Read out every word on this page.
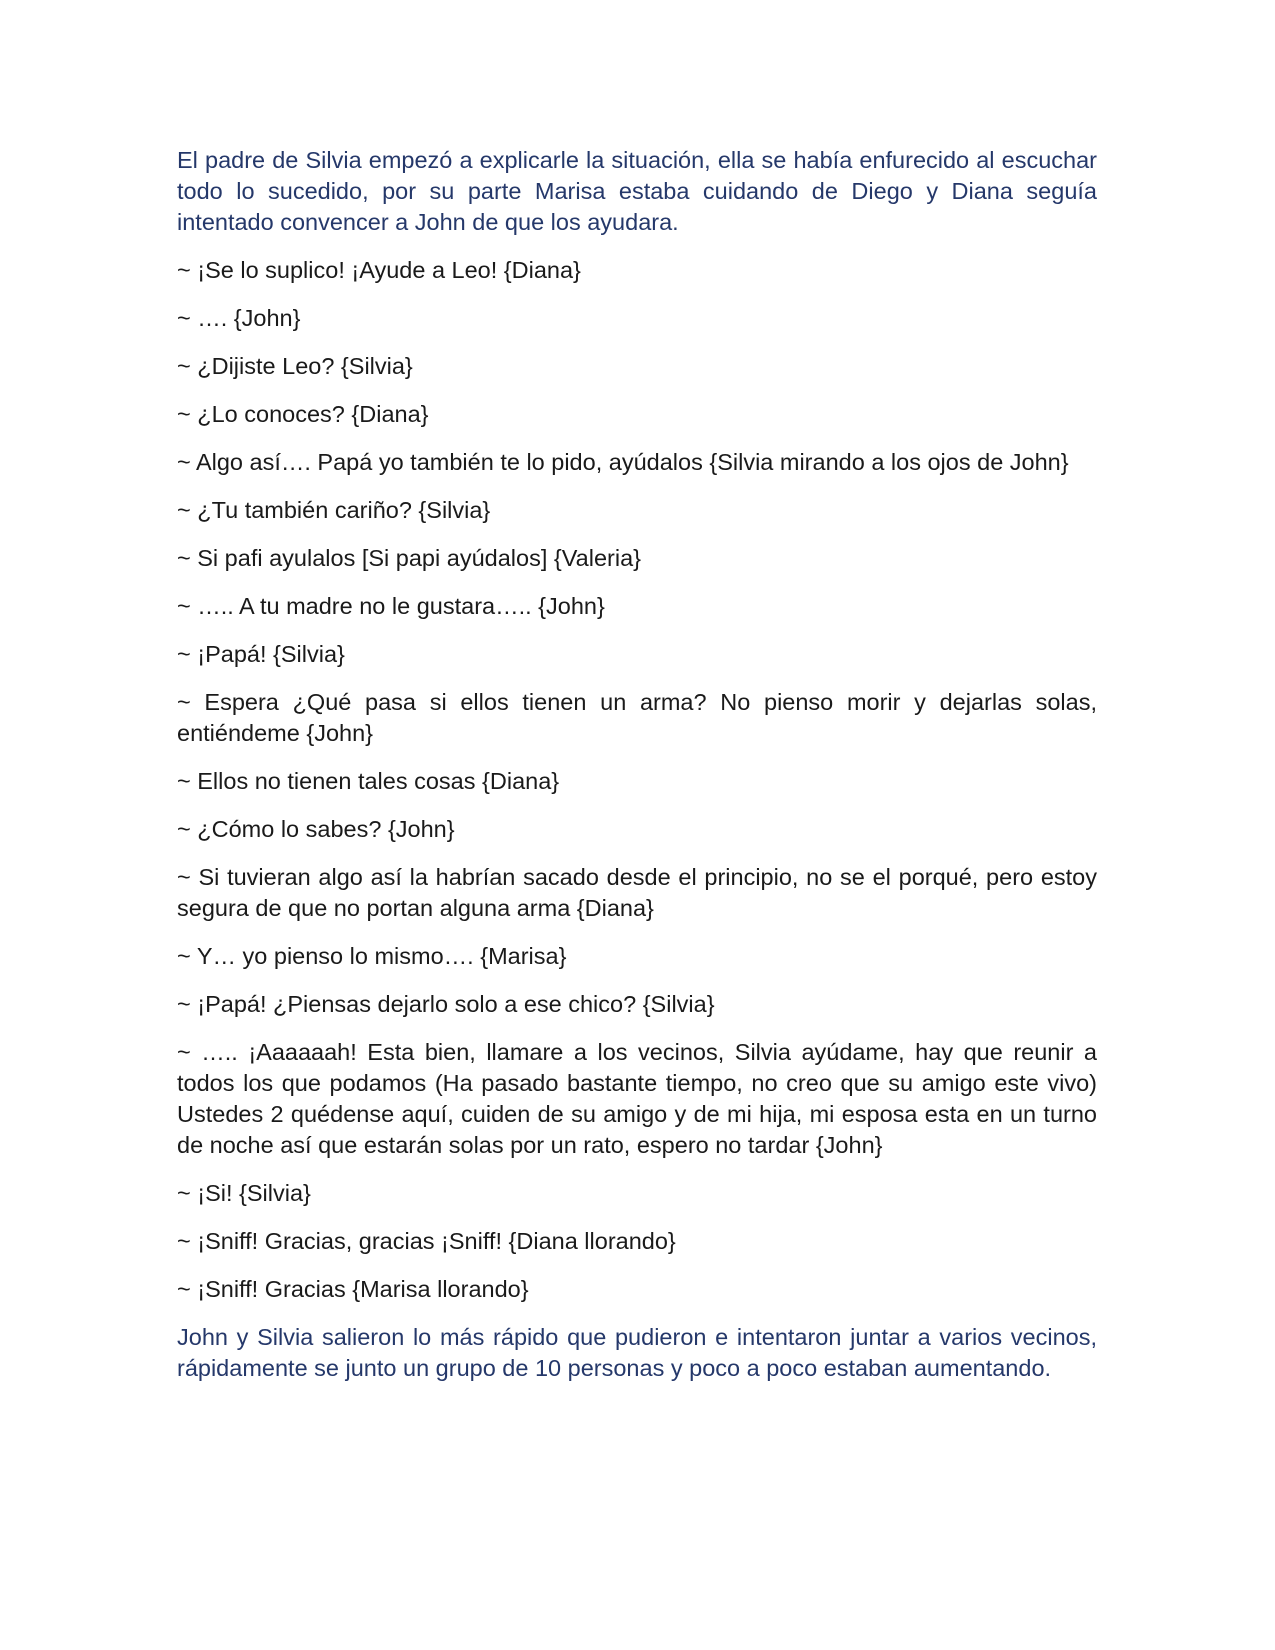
El padre de Silvia empezó a explicarle la situación, ella se había enfurecido al escuchar todo lo sucedido, por su parte Marisa estaba cuidando de Diego y Diana seguía intentado convencer a John de que los ayudara.

~ ¡Se lo suplico! ¡Ayude a Leo! {Diana}

~ …. {John}

~ ¿Dijiste Leo? {Silvia}

~ ¿Lo conoces? {Diana}

~ Algo así…. Papá yo también te lo pido, ayúdalos {Silvia mirando a los ojos de John}

~ ¿Tu también cariño? {Silvia}

~ Si pafi ayulalos [Si papi ayúdalos] {Valeria}

~ ….. A tu madre no le gustara….. {John}

~ ¡Papá! {Silvia}

~ Espera ¿Qué pasa si ellos tienen un arma? No pienso morir y dejarlas solas, entiéndeme {John}

~ Ellos no tienen tales cosas {Diana}

~ ¿Cómo lo sabes? {John}

~ Si tuvieran algo así la habrían sacado desde el principio, no se el porqué, pero estoy segura de que no portan alguna arma {Diana}

~ Y… yo pienso lo mismo…. {Marisa}

~ ¡Papá! ¿Piensas dejarlo solo a ese chico? {Silvia}

~ ….. ¡Aaaaaah! Esta bien, llamare a los vecinos, Silvia ayúdame, hay que reunir a todos los que podamos (Ha pasado bastante tiempo, no creo que su amigo este vivo) Ustedes 2 quédense aquí, cuiden de su amigo y de mi hija, mi esposa esta en un turno de noche así que estarán solas por un rato, espero no tardar {John}

~ ¡Si! {Silvia}

~ ¡Sniff! Gracias, gracias ¡Sniff! {Diana llorando}

~ ¡Sniff! Gracias {Marisa llorando}

John y Silvia salieron lo más rápido que pudieron e intentaron juntar a varios vecinos, rápidamente se junto un grupo de 10 personas y poco a poco estaban aumentando.
